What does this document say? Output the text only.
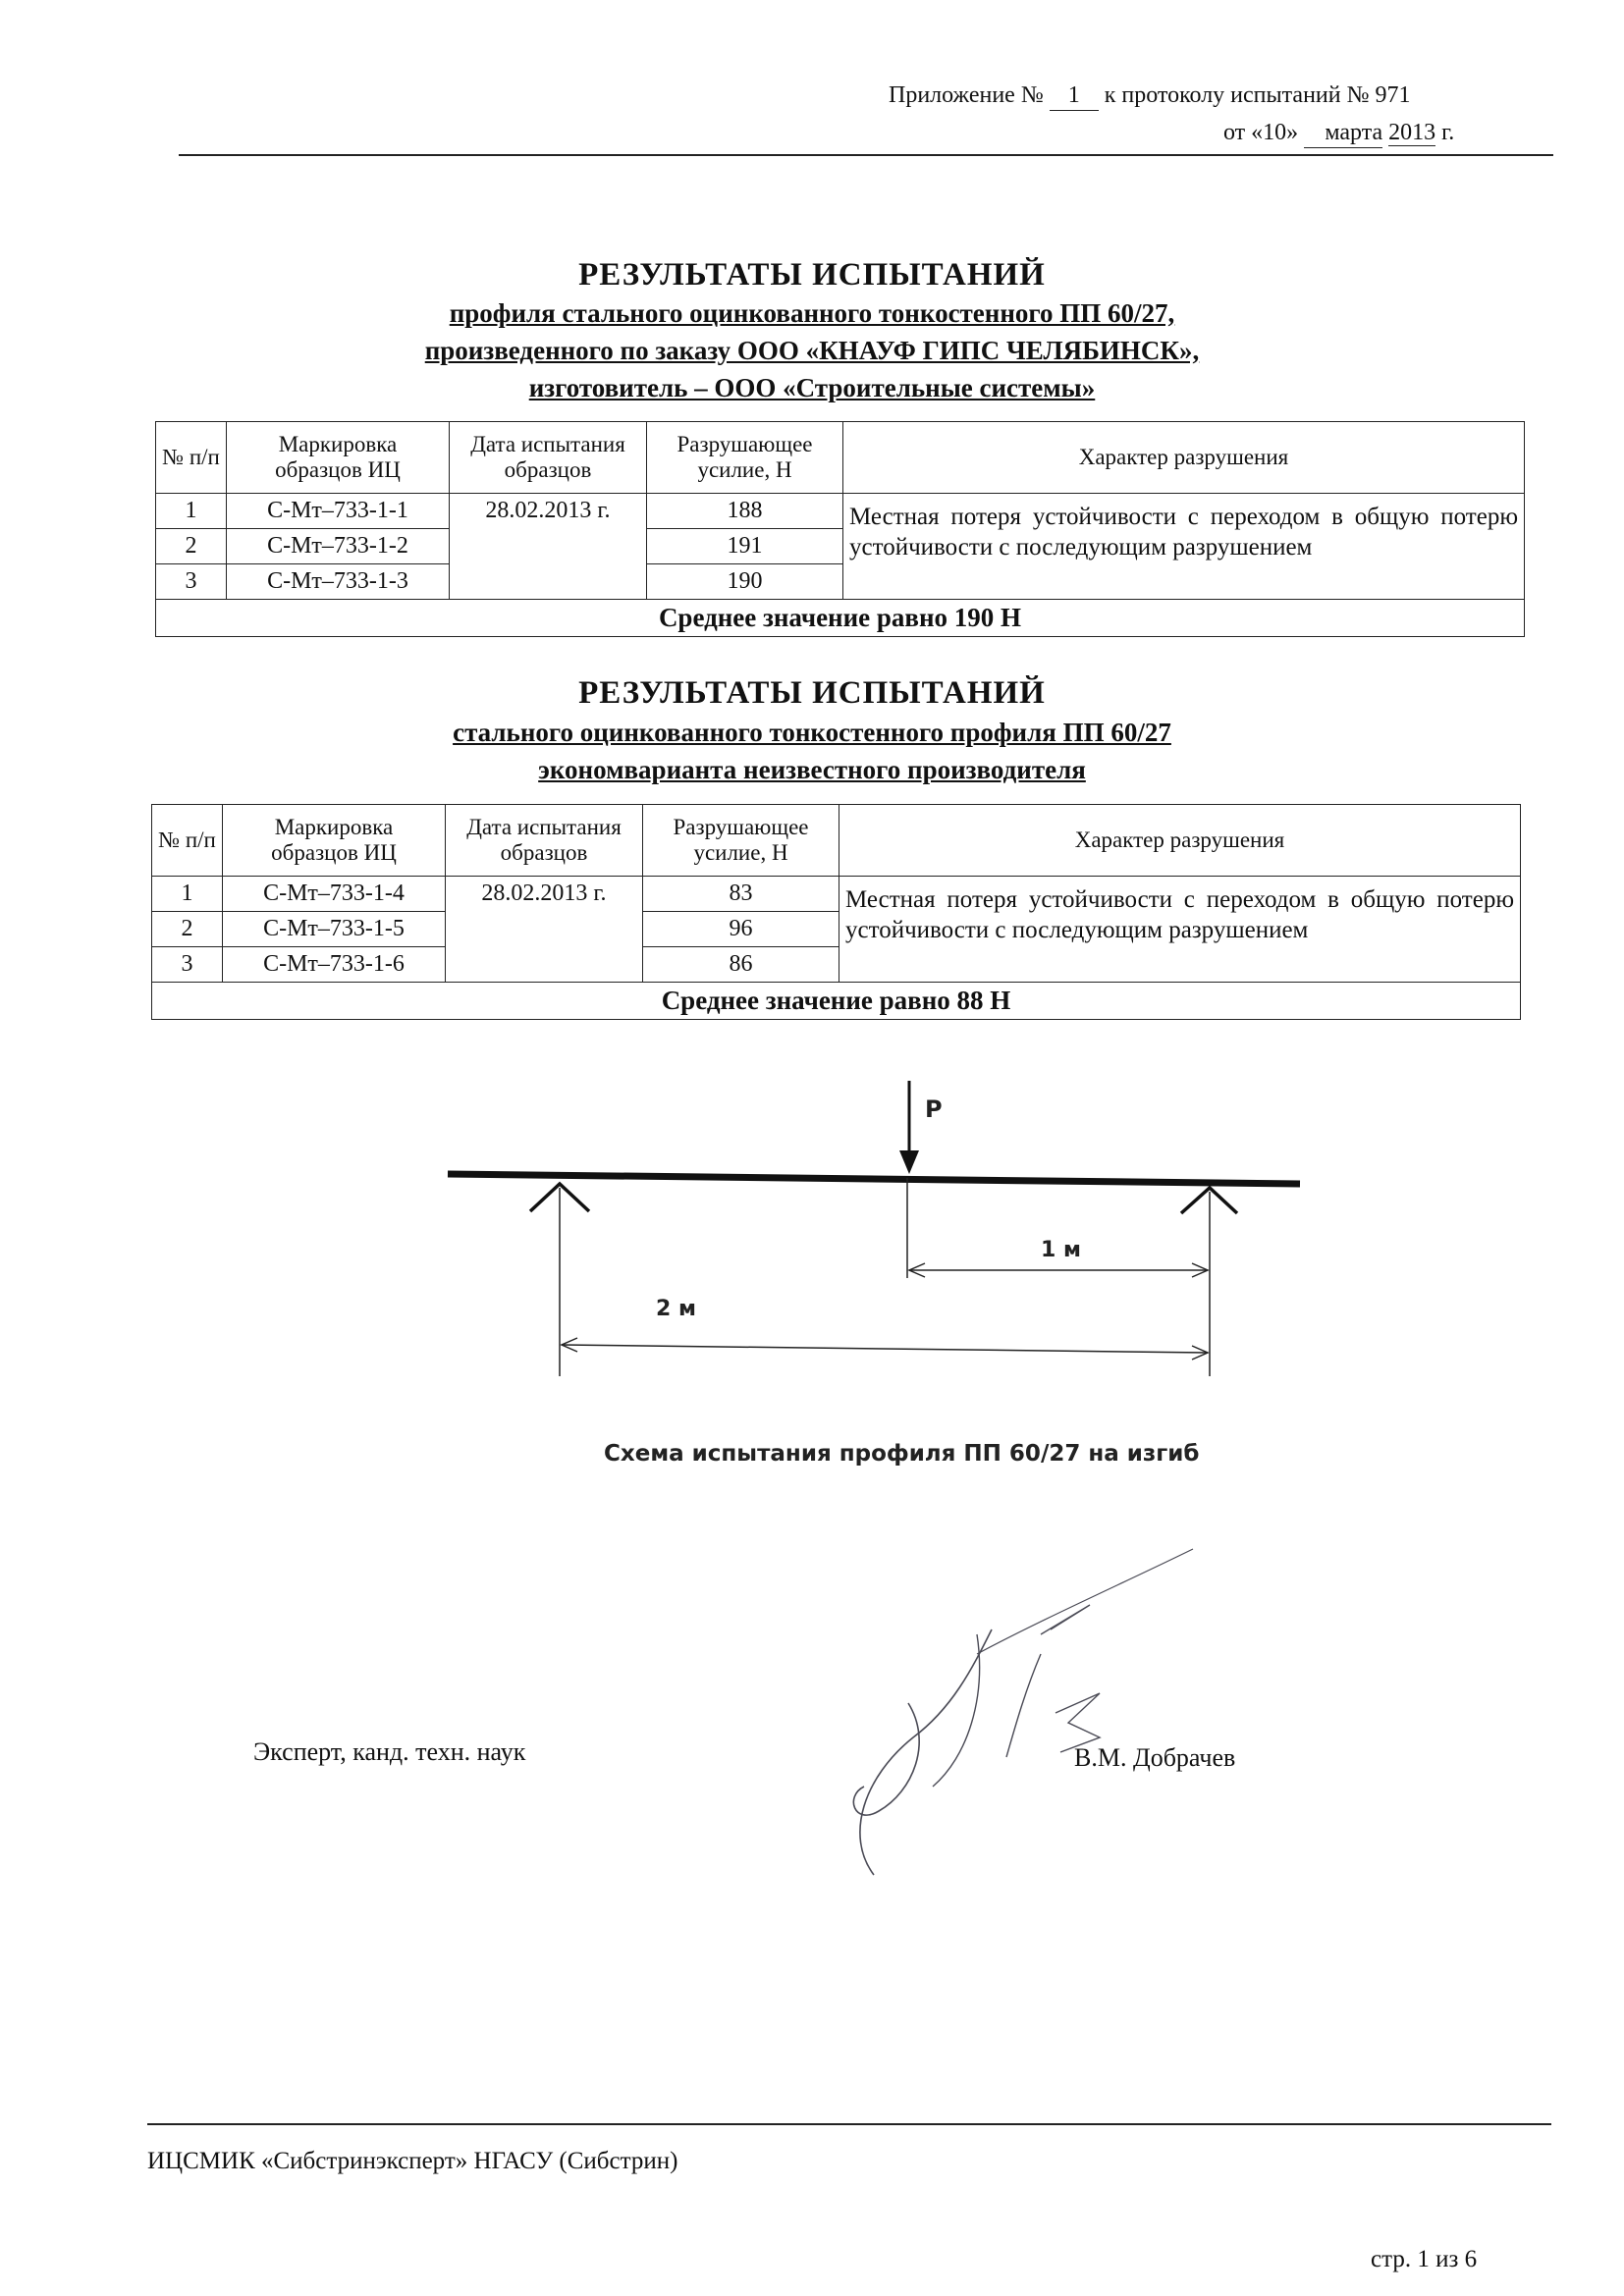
Приложение № 1 к протоколу испытаний № 971
от «10» марта 2013 г.
РЕЗУЛЬТАТЫ ИСПЫТАНИЙ
профиля стального оцинкованного тонкостенного ПП 60/27,
произведенного по заказу ООО «КНАУФ ГИПС ЧЕЛЯБИНСК»,
изготовитель – ООО «Строительные системы»
№ п/п	Маркировка образцов ИЦ	Дата испытания образцов	Разрушающее усилие, Н	Характер разрушения
1	С-Мт–733-1-1	28.02.2013 г.	188	Местная потеря устойчивости с переходом в общую потерю устойчивости с последующим разрушением
2	С-Мт–733-1-2		191	
3	С-Мт–733-1-3		190	
Среднее значение равно 190 Н				
РЕЗУЛЬТАТЫ ИСПЫТАНИЙ
стального оцинкованного тонкостенного профиля ПП 60/27
экономварианта неизвестного производителя
№ п/п	Маркировка образцов ИЦ	Дата испытания образцов	Разрушающее усилие, Н	Характер разрушения
1	С-Мт–733-1-4	28.02.2013 г.	83	Местная потеря устойчивости с переходом в общую потерю устойчивости с последующим разрушением
2	С-Мт–733-1-5		96	
3	С-Мт–733-1-6		86	
Среднее значение равно 88 Н				
P
1 м
2 м
Схема испытания профиля ПП 60/27 на изгиб
Эксперт, канд. техн. наук	В.М. Добрачев
ИЦСМИК «Сибстринэксперт» НГАСУ (Сибстрин)
стр. 1 из 6
